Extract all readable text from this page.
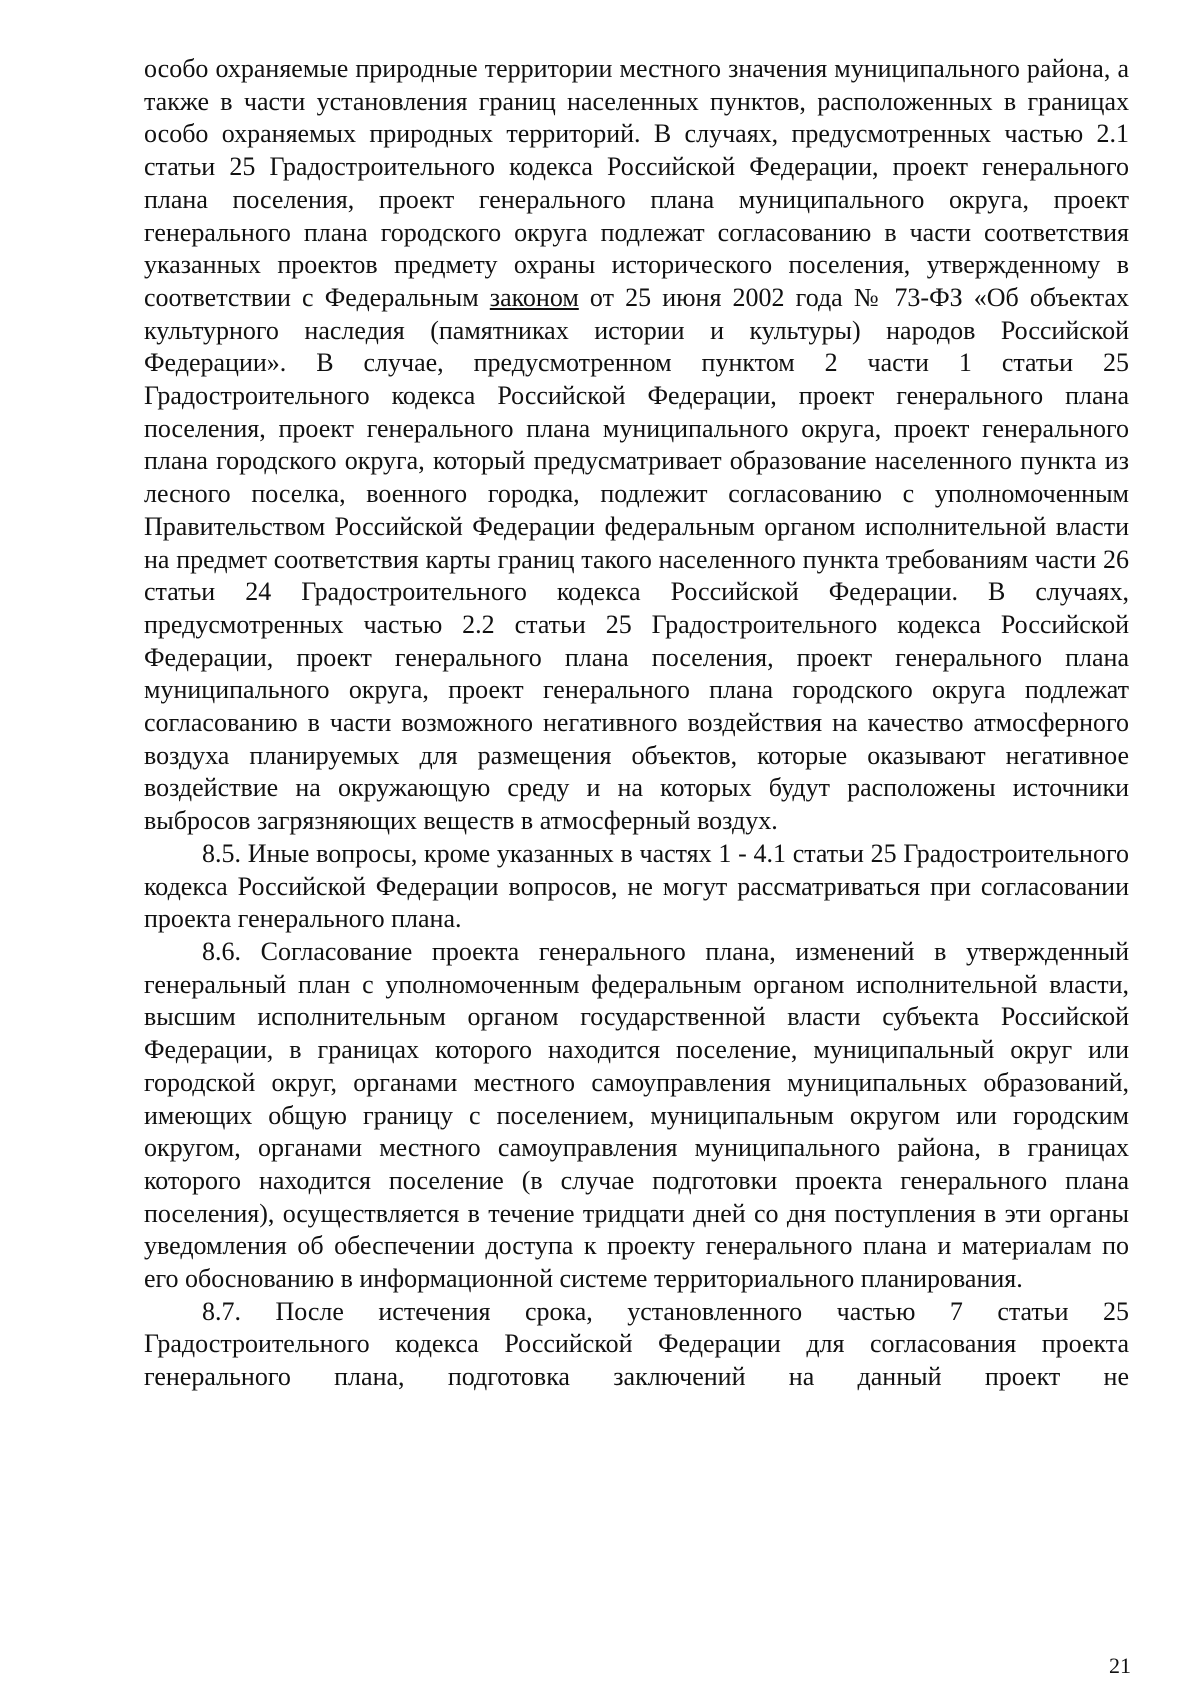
особо охраняемые природные территории местного значения муниципального района, а также в части установления границ населенных пунктов, расположенных в границах особо охраняемых природных территорий. В случаях, предусмотренных частью 2.1 статьи 25 Градостроительного кодекса Российской Федерации, проект генерального плана поселения, проект генерального плана муниципального округа, проект генерального плана городского округа подлежат согласованию в части соответствия указанных проектов предмету охраны исторического поселения, утвержденному в соответствии с Федеральным законом от 25 июня 2002 года № 73-ФЗ «Об объектах культурного наследия (памятниках истории и культуры) народов Российской Федерации». В случае, предусмотренном пунктом 2 части 1 статьи 25 Градостроительного кодекса Российской Федерации, проект генерального плана поселения, проект генерального плана муниципального округа, проект генерального плана городского округа, который предусматривает образование населенного пункта из лесного поселка, военного городка, подлежит согласованию с уполномоченным Правительством Российской Федерации федеральным органом исполнительной власти на предмет соответствия карты границ такого населенного пункта требованиям части 26 статьи 24 Градостроительного кодекса Российской Федерации. В случаях, предусмотренных частью 2.2 статьи 25 Градостроительного кодекса Российской Федерации, проект генерального плана поселения, проект генерального плана муниципального округа, проект генерального плана городского округа подлежат согласованию в части возможного негативного воздействия на качество атмосферного воздуха планируемых для размещения объектов, которые оказывают негативное воздействие на окружающую среду и на которых будут расположены источники выбросов загрязняющих веществ в атмосферный воздух.

8.5. Иные вопросы, кроме указанных в частях 1 - 4.1 статьи 25 Градостроительного кодекса Российской Федерации вопросов, не могут рассматриваться при согласовании проекта генерального плана.

8.6. Согласование проекта генерального плана, изменений в утвержденный генеральный план с уполномоченным федеральным органом исполнительной власти, высшим исполнительным органом государственной власти субъекта Российской Федерации, в границах которого находится поселение, муниципальный округ или городской округ, органами местного самоуправления муниципальных образований, имеющих общую границу с поселением, муниципальным округом или городским округом, органами местного самоуправления муниципального района, в границах которого находится поселение (в случае подготовки проекта генерального плана поселения), осуществляется в течение тридцати дней со дня поступления в эти органы уведомления об обеспечении доступа к проекту генерального плана и материалам по его обоснованию в информационной системе территориального планирования.

8.7. После истечения срока, установленного частью 7 статьи 25 Градостроительного кодекса Российской Федерации для согласования проекта генерального плана, подготовка заключений на данный проект не

21
